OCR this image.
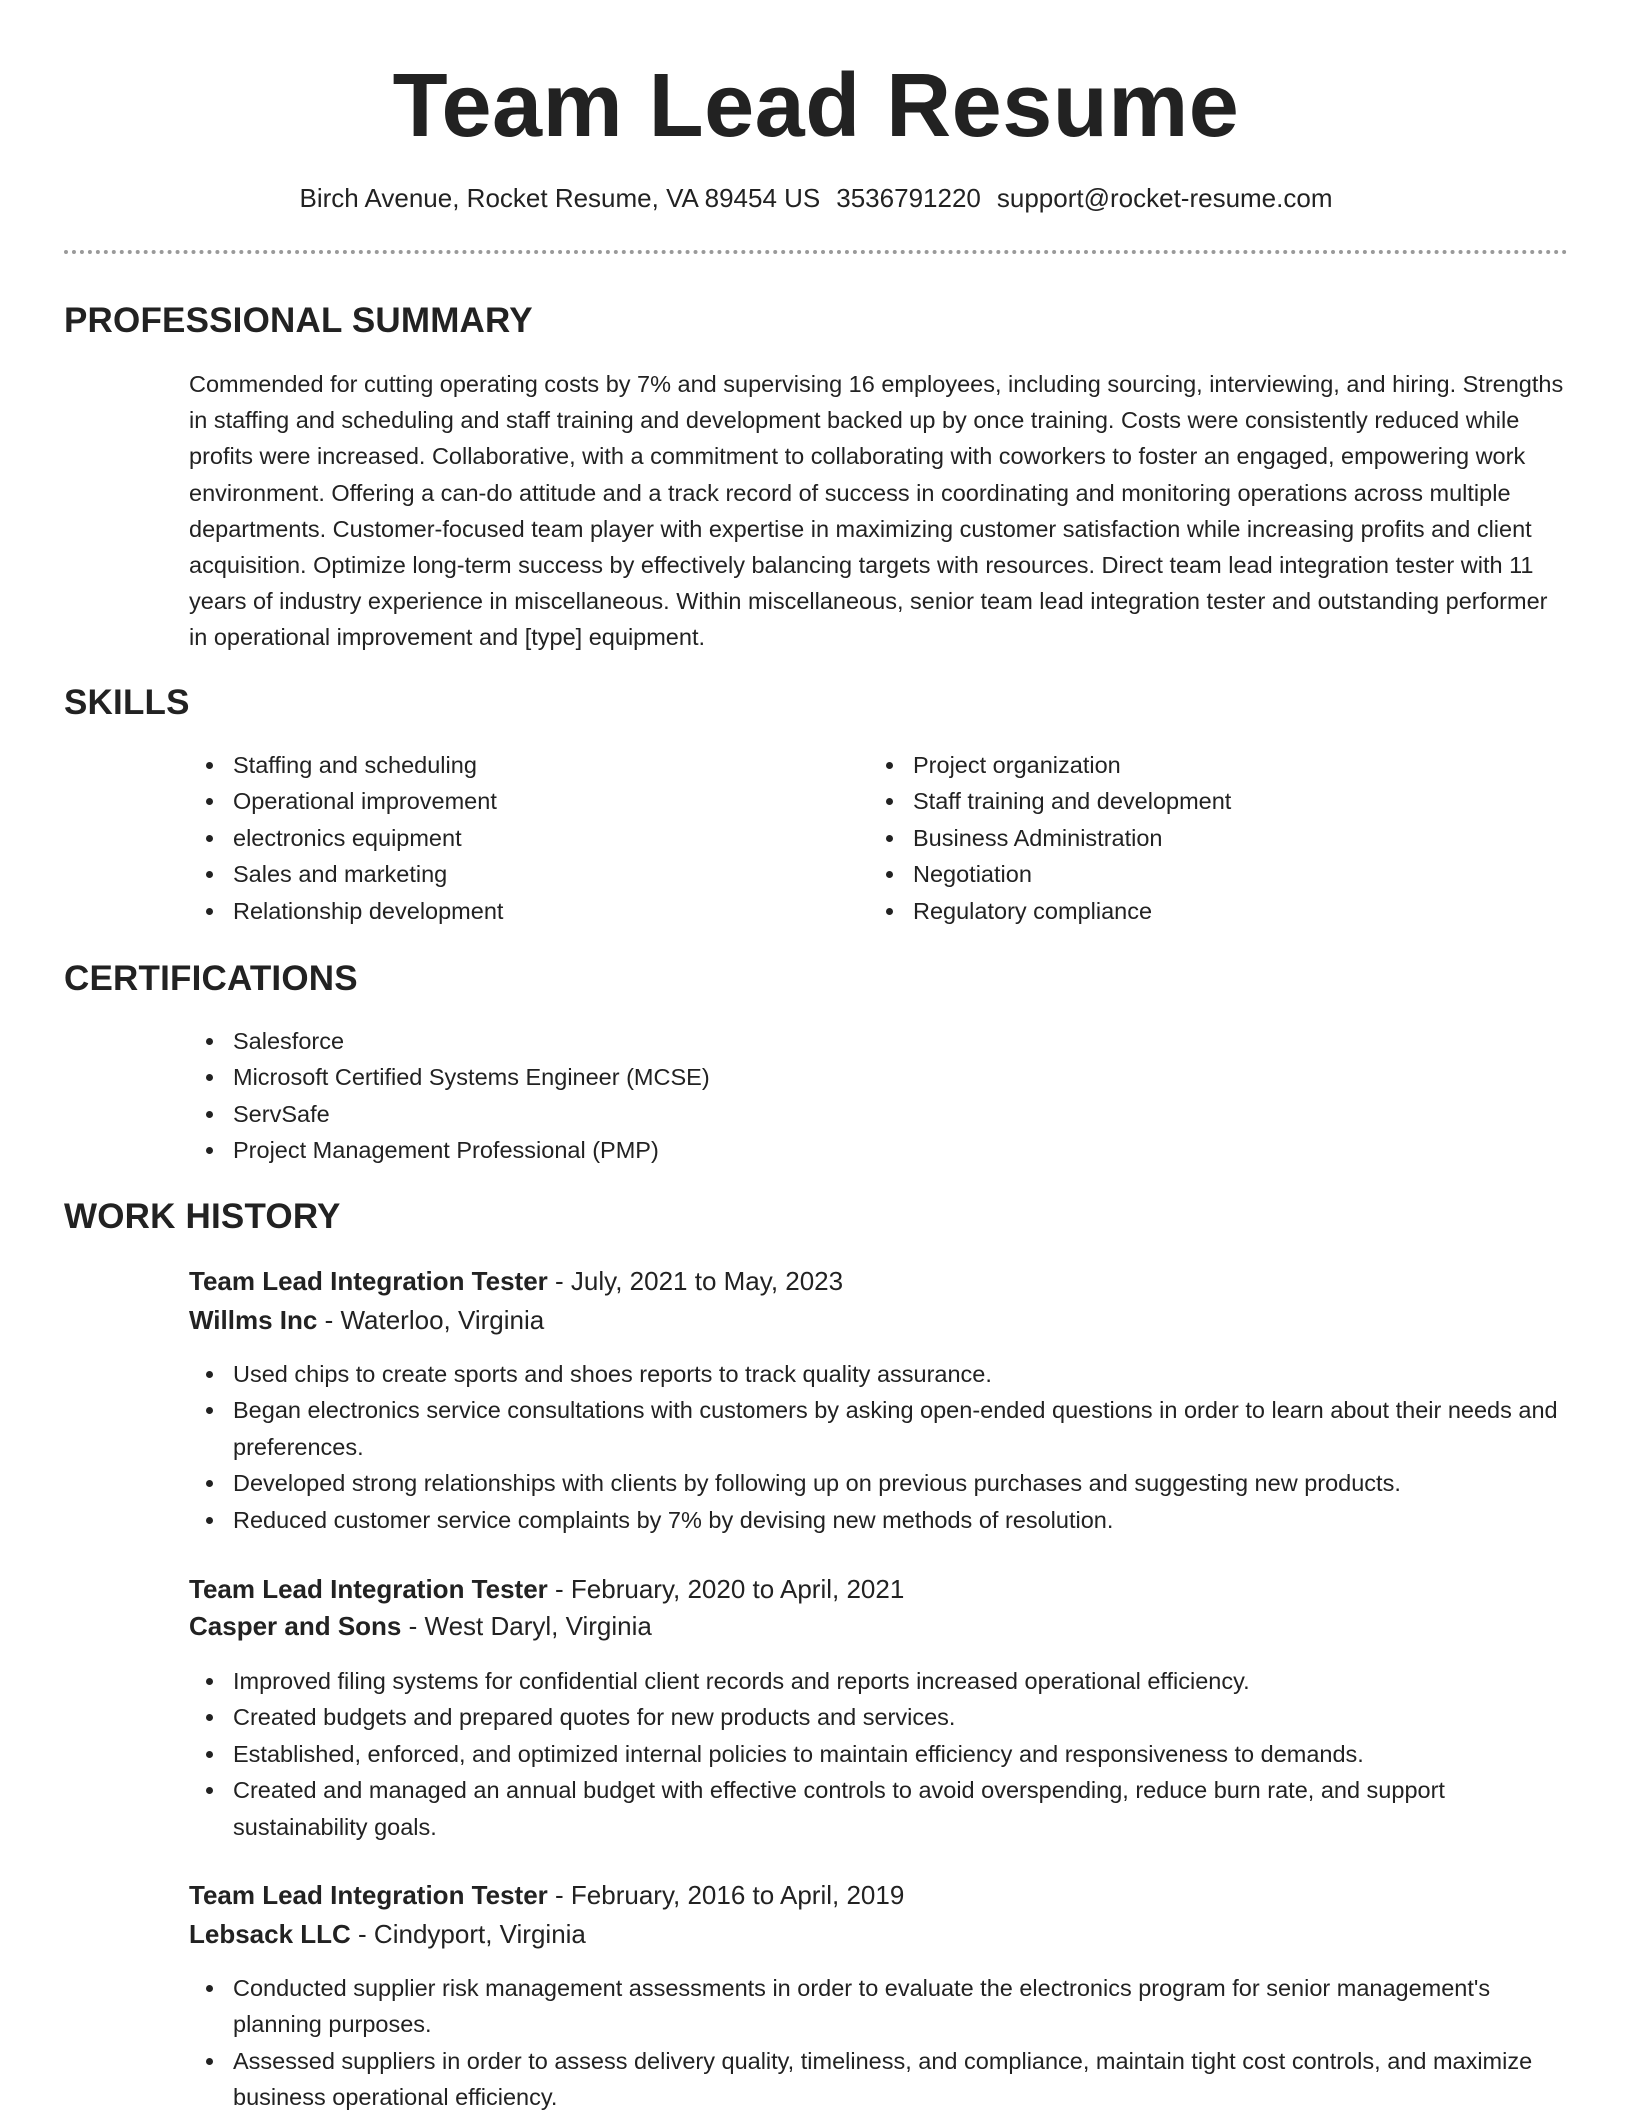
Team Lead Resume
Birch Avenue, Rocket Resume, VA 89454 US 3536791220 support@rocket-resume.com
PROFESSIONAL SUMMARY

Commended for cutting operating costs by 7% and supervising 16 employees, including sourcing, interviewing, and hiring. Strengths in staffing and scheduling and staff training and development backed up by once training. Costs were consistently reduced while profits were increased. Collaborative, with a commitment to collaborating with coworkers to foster an engaged, empowering work environment. Offering a can-do attitude and a track record of success in coordinating and monitoring operations across multiple departments. Customer-focused team player with expertise in maximizing customer satisfaction while increasing profits and client acquisition. Optimize long-term success by effectively balancing targets with resources. Direct team lead integration tester with 11 years of industry experience in miscellaneous. Within miscellaneous, senior team lead integration tester and outstanding performer in operational improvement and [type] equipment.

SKILLS
Staffing and scheduling
Operational improvement
electronics equipment
Sales and marketing
Relationship development
Project organization
Staff training and development
Business Administration
Negotiation
Regulatory compliance
CERTIFICATIONS
Salesforce
Microsoft Certified Systems Engineer (MCSE)
ServSafe
Project Management Professional (PMP)
WORK HISTORY
Team Lead Integration Tester - July, 2021 to May, 2023
Willms Inc - Waterloo, Virginia
Used chips to create sports and shoes reports to track quality assurance.
Began electronics service consultations with customers by asking open-ended questions in order to learn about their needs and preferences.
Developed strong relationships with clients by following up on previous purchases and suggesting new products.
Reduced customer service complaints by 7% by devising new methods of resolution.
Team Lead Integration Tester - February, 2020 to April, 2021
Casper and Sons - West Daryl, Virginia
Improved filing systems for confidential client records and reports increased operational efficiency.
Created budgets and prepared quotes for new products and services.
Established, enforced, and optimized internal policies to maintain efficiency and responsiveness to demands.
Created and managed an annual budget with effective controls to avoid overspending, reduce burn rate, and support sustainability goals.
Team Lead Integration Tester - February, 2016 to April, 2019
Lebsack LLC - Cindyport, Virginia
Conducted supplier risk management assessments in order to evaluate the electronics program for senior management's planning purposes.
Assessed suppliers in order to assess delivery quality, timeliness, and compliance, maintain tight cost controls, and maximize business operational efficiency.
